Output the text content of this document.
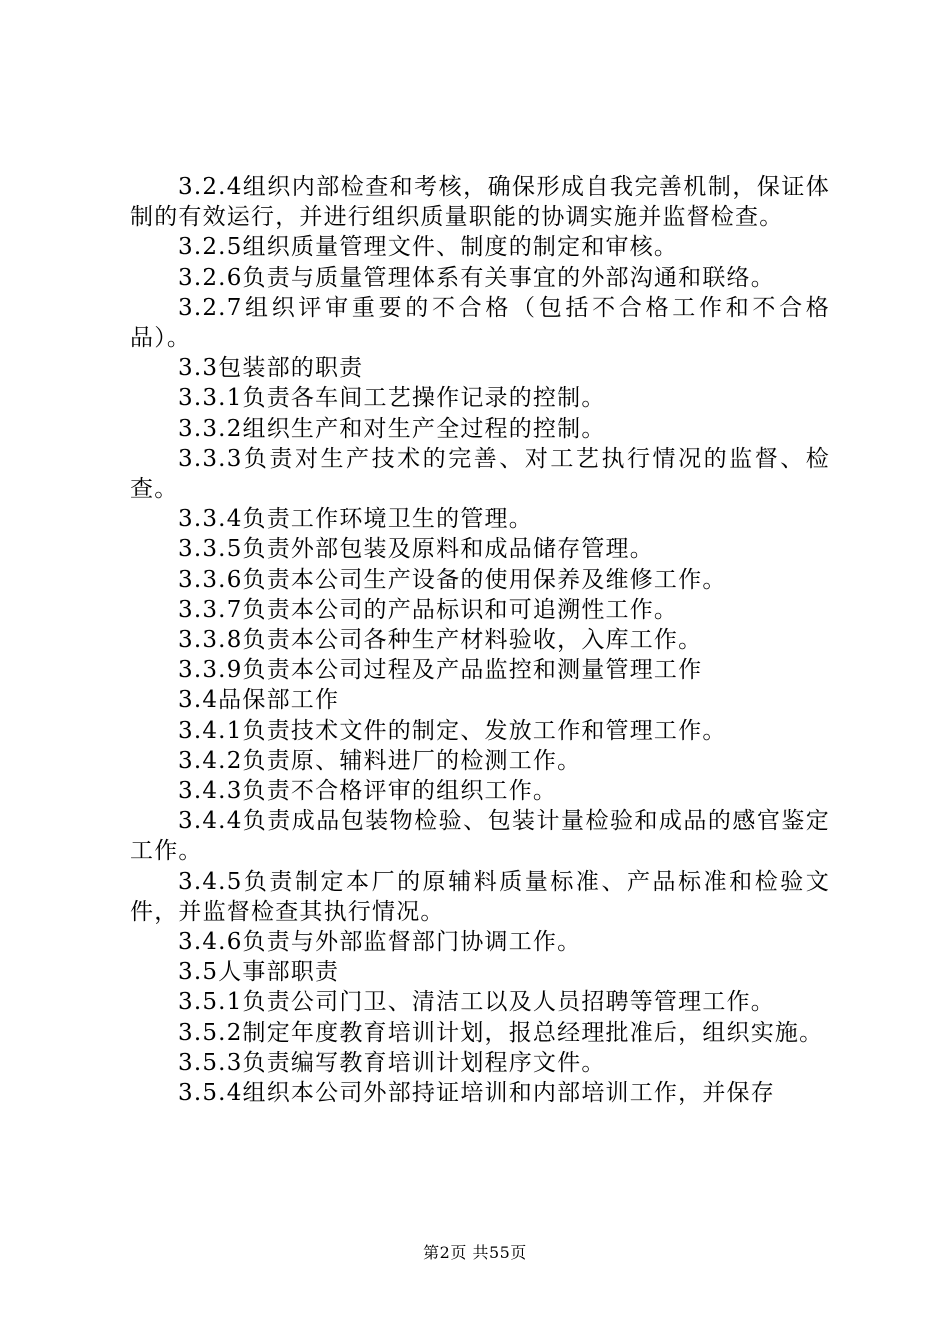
3.2.4组织内部检查和考核，确保形成自我完善机制，保证体制的有效运行，并进行组织质量职能的协调实施并监督检查。

3.2.5组织质量管理文件、制度的制定和审核。

3.2.6负责与质量管理体系有关事宜的外部沟通和联络。

3.2.7组织评审重要的不合格（包括不合格工作和不合格品）。

3.3包装部的职责

3.3.1负责各车间工艺操作记录的控制。

3.3.2组织生产和对生产全过程的控制。

3.3.3负责对生产技术的完善、对工艺执行情况的监督、检查。

3.3.4负责工作环境卫生的管理。

3.3.5负责外部包装及原料和成品储存管理。

3.3.6负责本公司生产设备的使用保养及维修工作。

3.3.7负责本公司的产品标识和可追溯性工作。

3.3.8负责本公司各种生产材料验收，入库工作。

3.3.9负责本公司过程及产品监控和测量管理工作

3.4品保部工作

3.4.1负责技术文件的制定、发放工作和管理工作。

3.4.2负责原、辅料进厂的检测工作。

3.4.3负责不合格评审的组织工作。

3.4.4负责成品包装物检验、包装计量检验和成品的感官鉴定工作。

3.4.5负责制定本厂的原辅料质量标准、产品标准和检验文件，并监督检查其执行情况。

3.4.6负责与外部监督部门协调工作。

3.5人事部职责

3.5.1负责公司门卫、清洁工以及人员招聘等管理工作。

3.5.2制定年度教育培训计划，报总经理批准后，组织实施。

3.5.3负责编写教育培训计划程序文件。

3.5.4组织本公司外部持证培训和内部培训工作，并保存

第2页 共55页
